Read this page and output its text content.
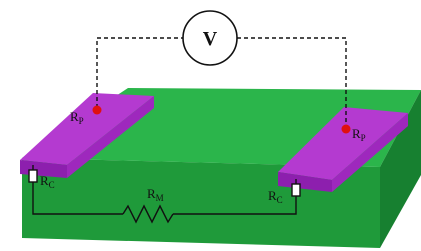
V
$R_P$
$R_P$
$R_C$
$R_C$
$R_M$
